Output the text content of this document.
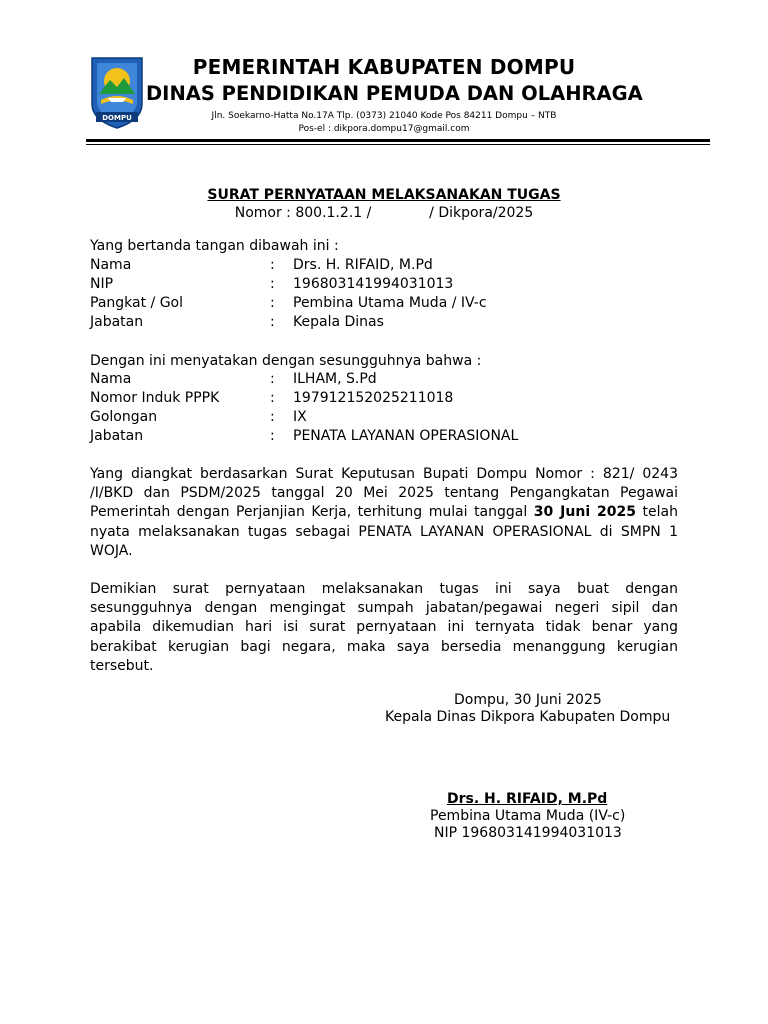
DOMPU
PEMERINTAH KABUPATEN DOMPU
DINAS PENDIDIKAN PEMUDA DAN OLAHRAGA
Jln. Soekarno-Hatta No.17A Tlp. (0373) 21040 Kode Pos 84211 Dompu – NTB
Pos-el : dikpora.dompu17@gmail.com
SURAT PERNYATAAN MELAKSANAKAN TUGAS
Nomor : 800.1.2.1 /             / Dikpora/2025
Yang bertanda tangan dibawah ini :
Nama	: Drs. H. RIFAID, M.Pd
NIP	: 196803141994031013
Pangkat / Gol	: Pembina Utama Muda / IV-c
Jabatan	: Kepala Dinas
Dengan ini menyatakan dengan sesungguhnya bahwa :
Nama	: ILHAM, S.Pd
Nomor Induk PPPK	: 197912152025211018
Golongan	: IX
Jabatan	: PENATA LAYANAN OPERASIONAL
Yang diangkat berdasarkan Surat Keputusan Bupati Dompu Nomor : 821/ 0243 /I/BKD dan PSDM/2025 tanggal 20 Mei 2025 tentang Pengangkatan Pegawai Pemerintah dengan Perjanjian Kerja, terhitung mulai tanggal 30 Juni 2025 telah nyata melaksanakan tugas sebagai PENATA LAYANAN OPERASIONAL di SMPN 1 WOJA.
Demikian surat pernyataan melaksanakan tugas ini saya buat dengan sesungguhnya dengan mengingat sumpah jabatan/pegawai negeri sipil dan apabila dikemudian hari isi surat pernyataan ini ternyata tidak benar yang berakibat kerugian bagi negara, maka saya bersedia menanggung kerugian tersebut.
Dompu, 30 Juni 2025
Kepala Dinas Dikpora Kabupaten Dompu
Drs. H. RIFAID, M.Pd
Pembina Utama Muda (IV-c)
NIP 196803141994031013
